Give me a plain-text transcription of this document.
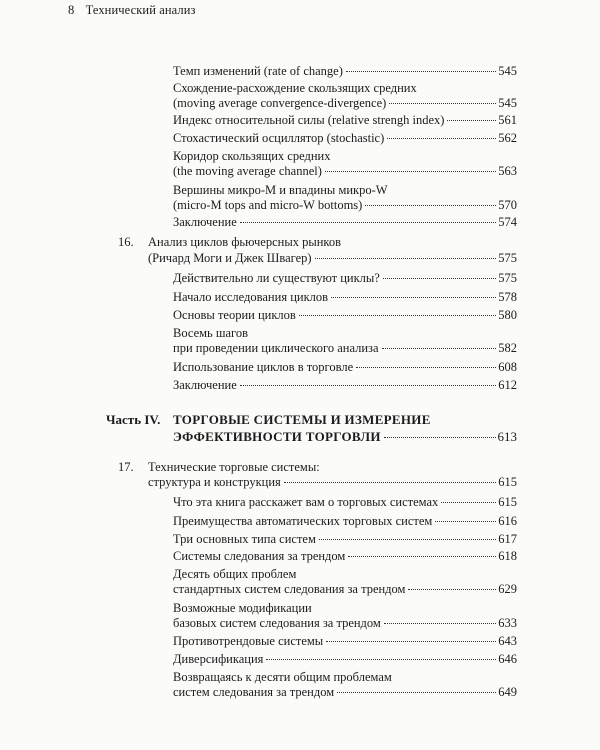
8 Технический анализ
Темп изменений (rate of change)	545
Схождение-расхождение скользящих средних
(moving average convergence-divergence)	545
Индекс относительной силы (relative strengh index)	561
Стохастический осциллятор (stochastic)	562
Коридор скользящих средних
(the moving average channel)	563
Вершины микро-М и впадины микро-W
(micro-M tops and micro-W bottoms)	570
Заключение	574
16. Анализ циклов фьючерсных рынков
(Ричард Моги и Джек Швагер)	575
Действительно ли существуют циклы?	575
Начало исследования циклов	578
Основы теории циклов	580
Восемь шагов
при проведении циклического анализа	582
Использование циклов в торговле	608
Заключение	612
Часть IV. ТОРГОВЫЕ СИСТЕМЫ И ИЗМЕРЕНИЕ
ЭФФЕКТИВНОСТИ ТОРГОВЛИ	613
17. Технические торговые системы:
структура и конструкция	615
Что эта книга расскажет вам о торговых системах	615
Преимущества автоматических торговых систем	616
Три основных типа систем	617
Системы следования за трендом	618
Десять общих проблем
стандартных систем следования за трендом	629
Возможные модификации
базовых систем следования за трендом	633
Противотрендовые системы	643
Диверсификация	646
Возвращаясь к десяти общим проблемам
систем следования за трендом	649
